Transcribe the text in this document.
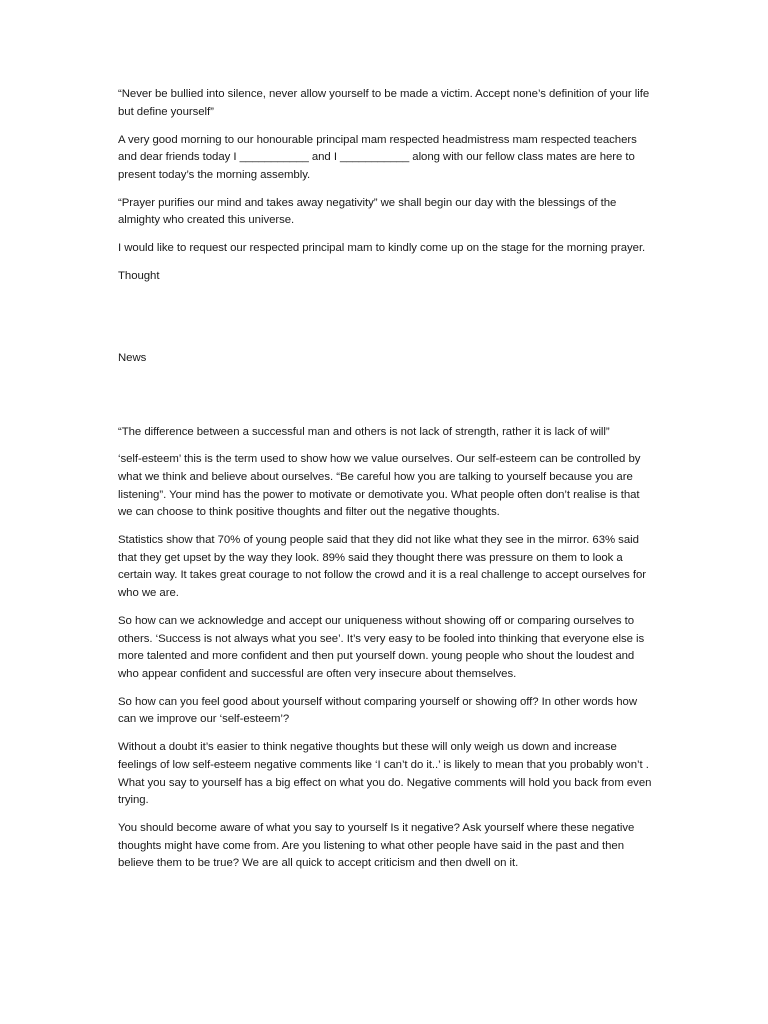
“Never be bullied into silence, never allow yourself to be made a victim. Accept none’s definition of your life but define yourself”

A very good morning to our honourable principal mam respected headmistress mam respected teachers and dear friends today I ___________ and I ___________ along with our fellow class mates are here to present today’s the morning assembly.

“Prayer purifies our mind and takes away negativity” we shall begin our day with the blessings of the almighty who created this universe.

I would like to request our respected principal mam to kindly come up on the stage for the morning prayer.

Thought

News

“The difference between a successful man and others is not lack of strength, rather it is lack of will”

‘self-esteem’ this is the term used to show how we value ourselves. Our self-esteem can be controlled by what we think and believe about ourselves. “Be careful how you are talking to yourself because you are listening”. Your mind has the power to motivate or demotivate you. What people often don’t realise is that we can choose to think positive thoughts and filter out the negative thoughts.

Statistics show that 70% of young people said that they did not like what they see in the mirror. 63% said that they get upset by the way they look. 89% said they thought there was pressure on them to look a certain way. It takes great courage to not follow the crowd and it is a real challenge to accept ourselves for who we are.

So how can we acknowledge and accept our uniqueness without showing off or comparing ourselves to others. ‘Success is not always what you see’. It’s very easy to be fooled into thinking that everyone else is more talented and more confident and then put yourself down. young people who shout the loudest and who appear confident and successful are often very insecure about themselves.

So how can you feel good about yourself without comparing yourself or showing off? In other words how can we improve our ‘self-esteem’?

Without a doubt it’s easier to think negative thoughts but these will only weigh us down and increase feelings of low self-esteem negative comments like ‘I can’t do it..’ is likely to mean that you probably won’t . What you say to yourself has a big effect on what you do. Negative comments will hold you back from even trying.

You should become aware of what you say to yourself Is it negative? Ask yourself where these negative thoughts might have come from. Are you listening to what other people have said in the past and then believe them to be true? We are all quick to accept criticism and then dwell on it.
